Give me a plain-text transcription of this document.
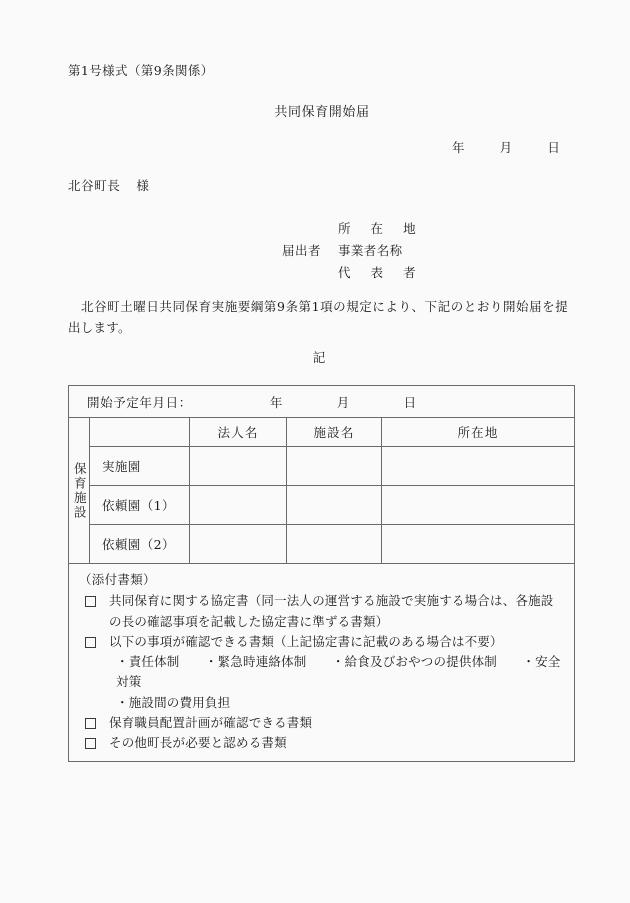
第1号様式（第9条関係）
共同保育開始届
年	月	日
北谷町長 様
所在地
届出者	事業者名称
代表者
北谷町土曜日共同保育実施要綱第9条第1項の規定により、下記のとおり開始届を提出します。
記
開始予定年月日： 年 月 日				

保育施設		法人名	施設名	所在地
	実施園			
	依頼園（1）			
	依頼園（2）			

（添付書類）
共同保育に関する協定書（同一法人の運営する施設で実施する場合は、各施設の長の確認事項を記載した協定書に準ずる書類）
以下の事項が確認できる書類（上記協定書に記載のある場合は不要）
・責任体制　　・緊急時連絡体制　　・給食及びおやつの提供体制　　・安全対策
・施設間の費用負担
保育職員配置計画が確認できる書類
その他町長が必要と認める書類
